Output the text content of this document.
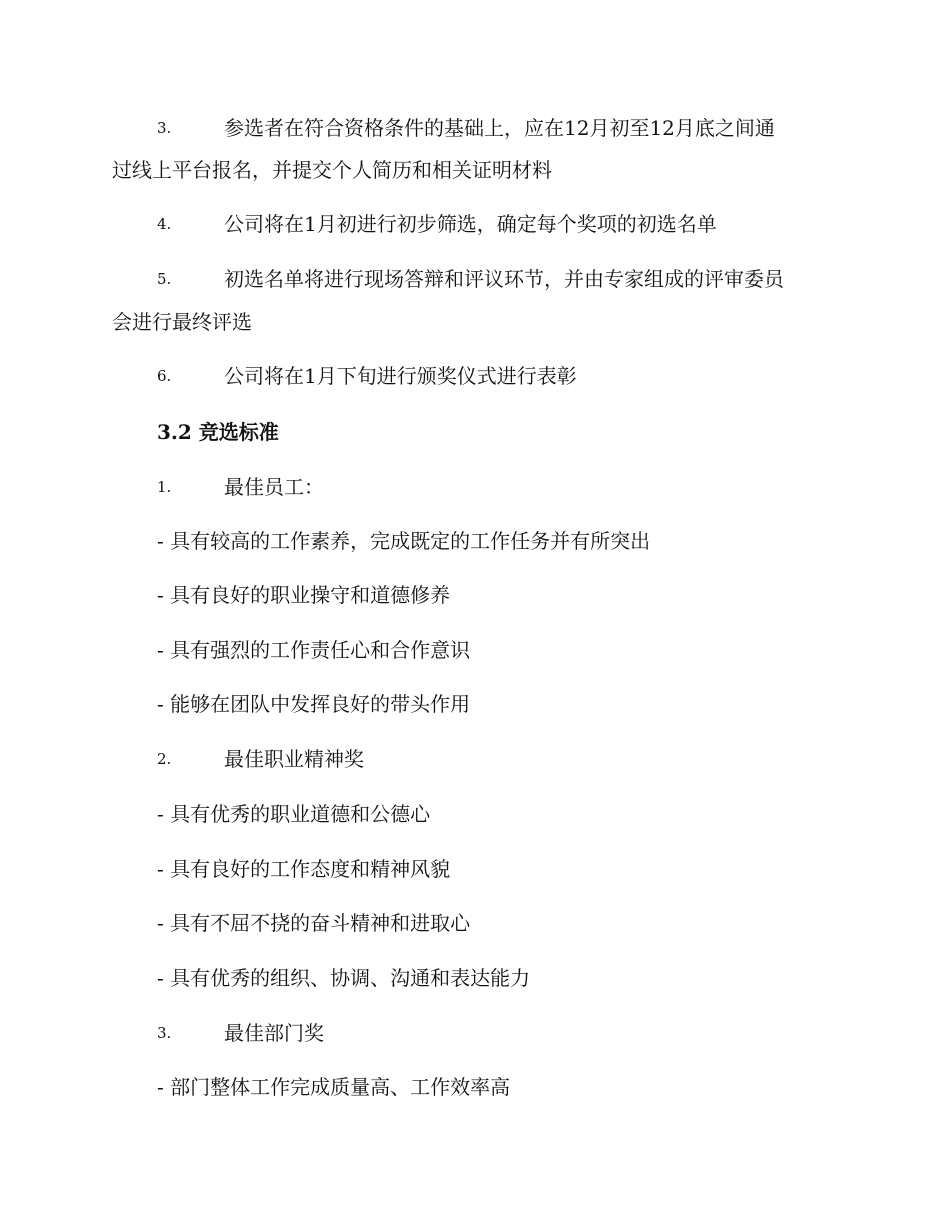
3.	参选者在符合资格条件的基础上，应在12月初至12月底之间通
过线上平台报名，并提交个人简历和相关证明材料
4.	公司将在1月初进行初步筛选，确定每个奖项的初选名单
5.	初选名单将进行现场答辩和评议环节，并由专家组成的评审委员
会进行最终评选
6.	公司将在1月下旬进行颁奖仪式进行表彰
3.2 竞选标准
1.	最佳员工：
- 具有较高的工作素养，完成既定的工作任务并有所突出
- 具有良好的职业操守和道德修养
- 具有强烈的工作责任心和合作意识
- 能够在团队中发挥良好的带头作用
2.	最佳职业精神奖
- 具有优秀的职业道德和公德心
- 具有良好的工作态度和精神风貌
- 具有不屈不挠的奋斗精神和进取心
- 具有优秀的组织、协调、沟通和表达能力
3.	最佳部门奖
- 部门整体工作完成质量高、工作效率高
